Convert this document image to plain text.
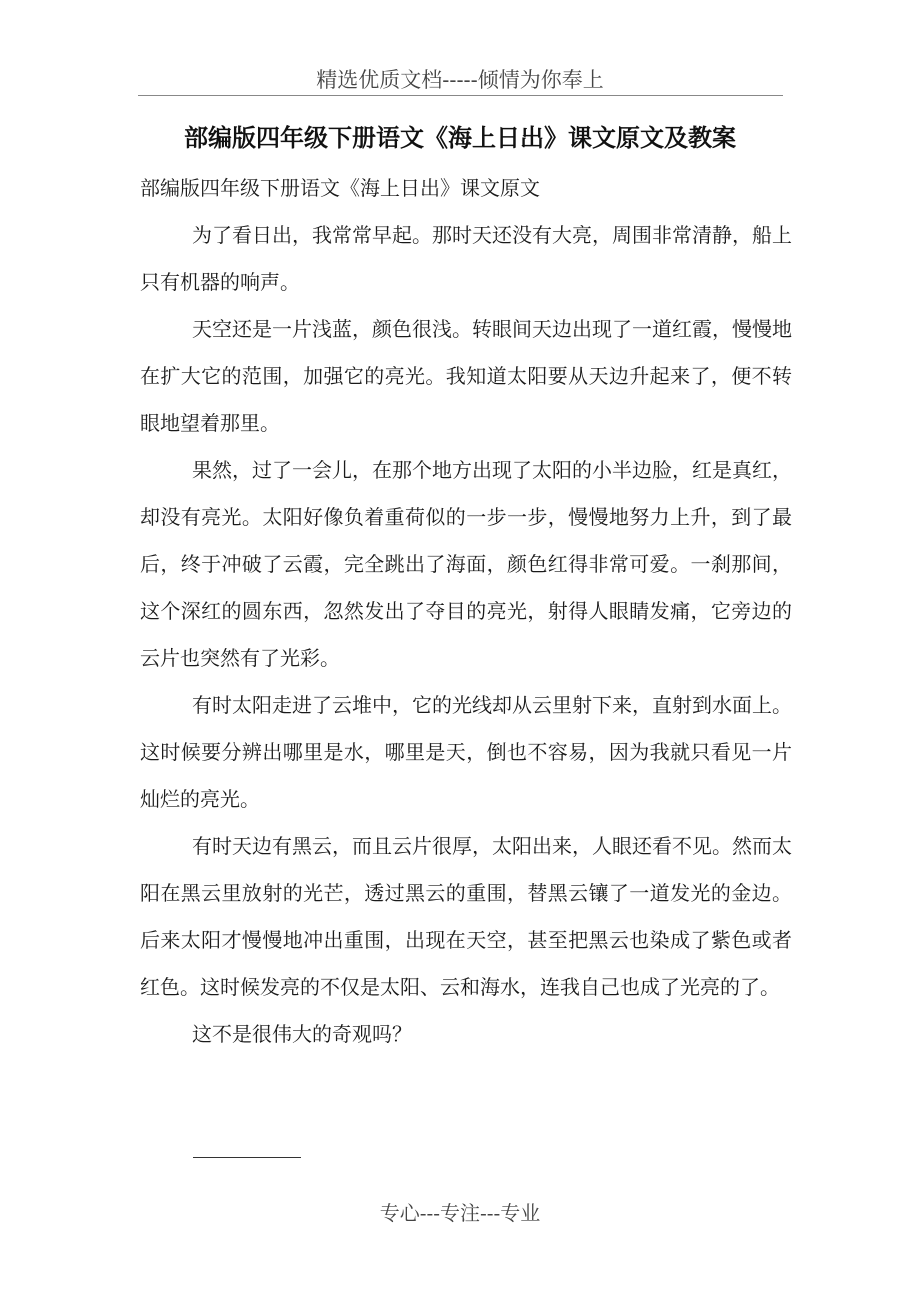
精选优质文档-----倾情为你奉上
部编版四年级下册语文《海上日出》课文原文及教案
部编版四年级下册语文《海上日出》课文原文

为了看日出，我常常早起。那时天还没有大亮，周围非常清静，船上只有机器的响声。

天空还是一片浅蓝，颜色很浅。转眼间天边出现了一道红霞，慢慢地在扩大它的范围，加强它的亮光。我知道太阳要从天边升起来了，便不转眼地望着那里。

果然，过了一会儿，在那个地方出现了太阳的小半边脸，红是真红，却没有亮光。太阳好像负着重荷似的一步一步，慢慢地努力上升，到了最后，终于冲破了云霞，完全跳出了海面，颜色红得非常可爱。一刹那间，这个深红的圆东西，忽然发出了夺目的亮光，射得人眼睛发痛，它旁边的云片也突然有了光彩。

有时太阳走进了云堆中，它的光线却从云里射下来，直射到水面上。这时候要分辨出哪里是水，哪里是天，倒也不容易，因为我就只看见一片灿烂的亮光。

有时天边有黑云，而且云片很厚，太阳出来，人眼还看不见。然而太阳在黑云里放射的光芒，透过黑云的重围，替黑云镶了一道发光的金边。后来太阳才慢慢地冲出重围，出现在天空，甚至把黑云也染成了紫色或者红色。这时候发亮的不仅是太阳、云和海水，连我自己也成了光亮的了。

这不是很伟大的奇观吗？

专心---专注---专业
